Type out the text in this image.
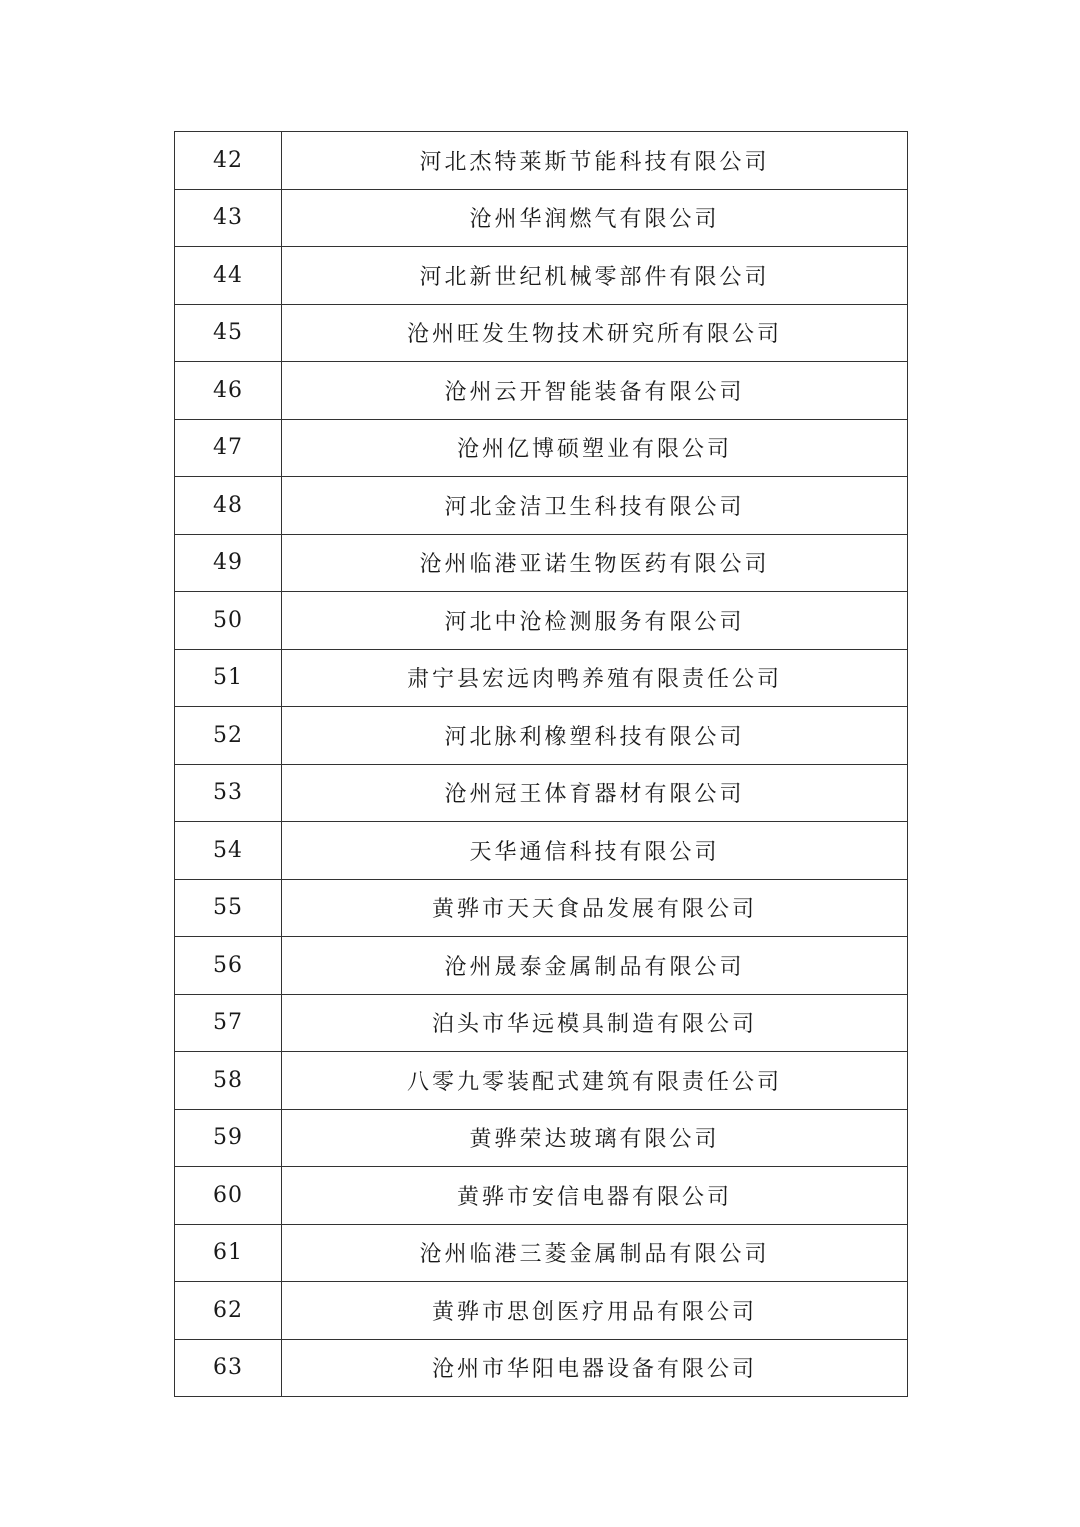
42	河北杰特莱斯节能科技有限公司
43	沧州华润燃气有限公司
44	河北新世纪机械零部件有限公司
45	沧州旺发生物技术研究所有限公司
46	沧州云开智能装备有限公司
47	沧州亿博硕塑业有限公司
48	河北金洁卫生科技有限公司
49	沧州临港亚诺生物医药有限公司
50	河北中沧检测服务有限公司
51	肃宁县宏远肉鸭养殖有限责任公司
52	河北脉利橡塑科技有限公司
53	沧州冠王体育器材有限公司
54	天华通信科技有限公司
55	黄骅市天天食品发展有限公司
56	沧州晟泰金属制品有限公司
57	泊头市华远模具制造有限公司
58	八零九零装配式建筑有限责任公司
59	黄骅荣达玻璃有限公司
60	黄骅市安信电器有限公司
61	沧州临港三菱金属制品有限公司
62	黄骅市思创医疗用品有限公司
63	沧州市华阳电器设备有限公司
